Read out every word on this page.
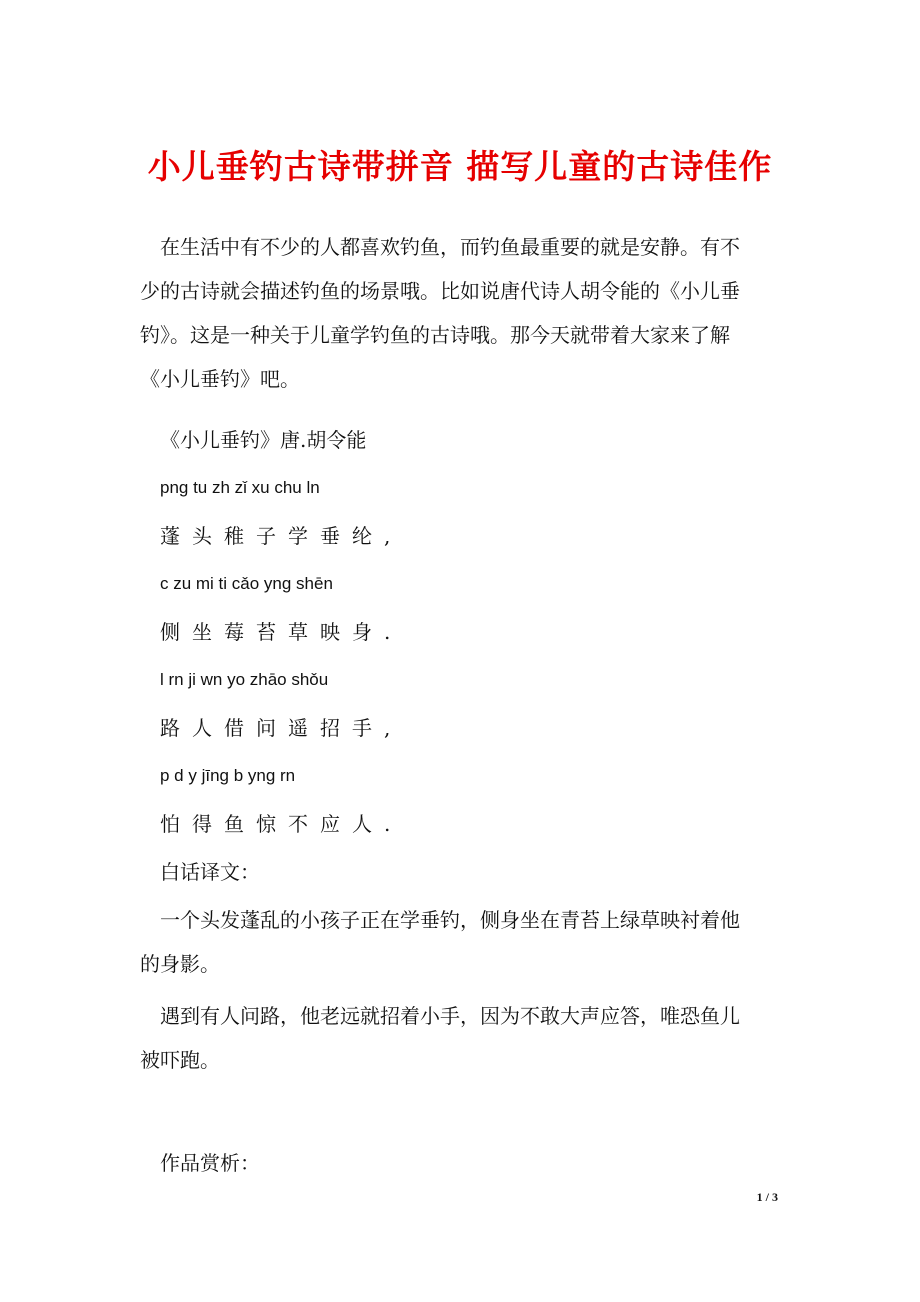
小儿垂钓古诗带拼音 描写儿童的古诗佳作
在生活中有不少的人都喜欢钓鱼，而钓鱼最重要的就是安静。有不
少的古诗就会描述钓鱼的场景哦。比如说唐代诗人胡令能的《小儿垂
钓》。这是一种关于儿童学钓鱼的古诗哦。那今天就带着大家来了解
《小儿垂钓》吧。
《小儿垂钓》唐.胡令能
png tu zh zǐ xu chu ln
蓬头稚子学垂纶,
c zu mi ti cǎo yng shēn
侧坐莓苔草映身.
l rn ji wn yo zhāo shǒu
路人借问遥招手,
p d y jīng b yng rn
怕得鱼惊不应人.
白话译文：
一个头发蓬乱的小孩子正在学垂钓，侧身坐在青苔上绿草映衬着他
的身影。
遇到有人问路，他老远就招着小手，因为不敢大声应答，唯恐鱼儿
被吓跑。
作品赏析：
1 / 3
